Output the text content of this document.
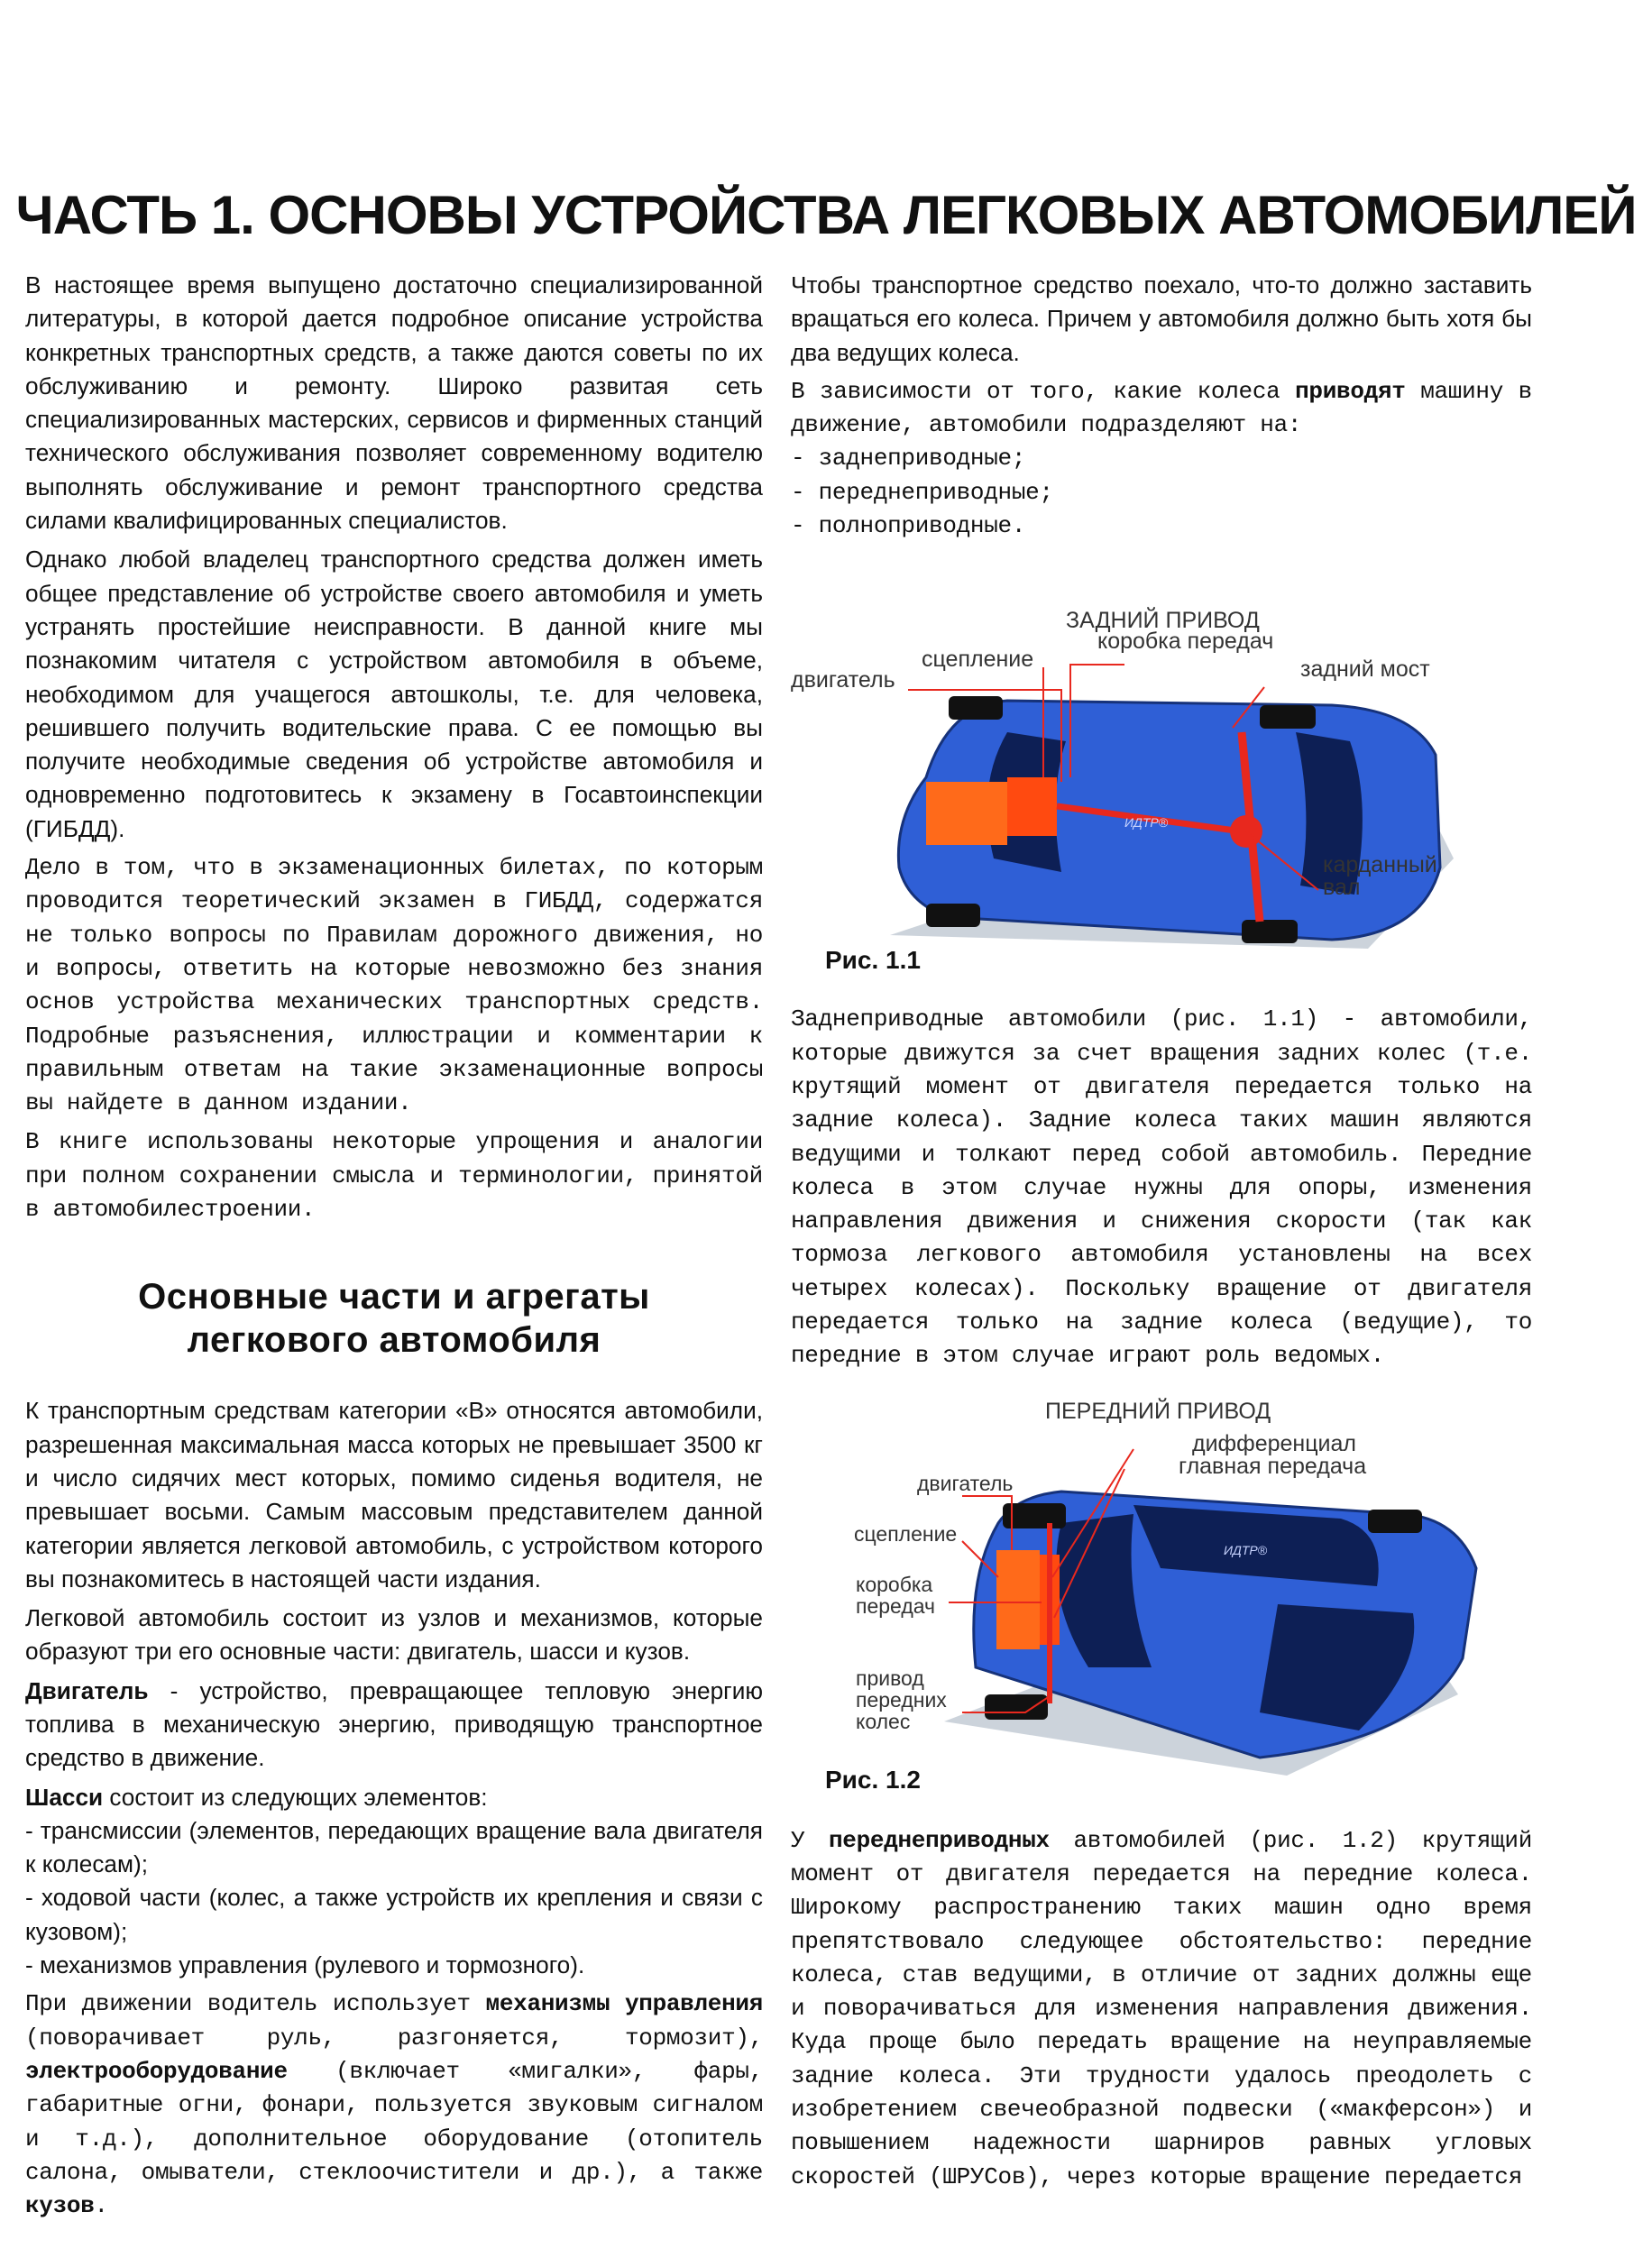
ЧАСТЬ 1. ОСНОВЫ УСТРОЙСТВА ЛЕГКОВЫХ АВТОМОБИЛЕЙ

В настоящее время выпущено достаточно специализированной литературы, в которой дается подробное описание устройства конкретных транспортных средств, а также даются советы по их обслуживанию и ремонту. Широко развитая сеть специализированных мастерских, сервисов и фирменных станций технического обслуживания позволяет современному водителю выполнять обслуживание и ремонт транспортного средства силами квалифицированных специалистов.

Однако любой владелец транспортного средства должен иметь общее представление об устройстве своего автомобиля и уметь устранять простейшие неисправности. В данной книге мы познакомим читателя с устройством автомобиля в объеме, необходимом для учащегося автошколы, т.е. для человека, решившего получить водительские права. С ее помощью вы получите необходимые сведения об устройстве автомобиля и одновременно подготовитесь к экзамену в Госавтоинспекции (ГИБДД).

Дело в том, что в экзаменационных билетах, по которым проводится теоретический экзамен в ГИБДД, содержатся не только вопросы по Правилам дорожного движения, но и вопросы, ответить на которые невозможно без знания основ устройства механических транспортных средств. Подробные разъяснения, иллюстрации и комментарии к правильным ответам на такие экзаменационные вопросы вы найдете в данном издании.

В книге использованы некоторые упрощения и аналогии при полном сохранении смысла и терминологии, принятой в автомобилестроении.

Основные части и агрегаты
легкового автомобиля

К транспортным средствам категории «В» относятся автомобили, разрешенная максимальная масса которых не превышает 3500 кг и число сидячих мест которых, помимо сиденья водителя, не превышает восьми. Самым массовым представителем данной категории является легковой автомобиль, с устройством которого вы познакомитесь в настоящей части издания.

Легковой автомобиль состоит из узлов и механизмов, которые образуют три его основные части: двигатель, шасси и кузов.

Двигатель - устройство, превращающее тепловую энергию топлива в механическую энергию, приводящую транспортное средство в движение.

Шасси состоит из следующих элементов:

- трансмиссии (элементов, передающих вращение вала двигателя к колесам);

- ходовой части (колес, а также устройств их крепления и связи с кузовом);

- механизмов управления (рулевого и тормозного).

При движении водитель использует механизмы управления (поворачивает руль, разгоняется, тормозит), электрооборудование (включает «мигалки», фары, габаритные огни, фонари, пользуется звуковым сигналом и т.д.), дополнительное оборудование (отопитель салона, омыватели, стеклоочистители и др.), а также кузов.

Чтобы транспортное средство поехало, что-то должно заставить вращаться его колеса. Причем у автомобиля должно быть хотя бы два ведущих колеса.

В зависимости от того, какие колеса приводят машину в движение, автомобили подразделяют на:

- заднеприводные;

- переднеприводные;

- полноприводные.

ЗАДНИЙ ПРИВОД
ИДТР®
двигатель
сцепление
коробка передач
задний мост
карданный
вал
Рис. 1.1

Заднеприводные автомобили (рис. 1.1) - автомобили, которые движутся за счет вращения задних колес (т.е. крутящий момент от двигателя передается только на задние колеса). Задние колеса таких машин являются ведущими и толкают перед собой автомобиль. Передние колеса в этом случае нужны для опоры, изменения направления движения и снижения скорости (так как тормоза легкового автомобиля установлены на всех четырех колесах). Поскольку вращение от двигателя передается только на задние колеса (ведущие), то передние в этом случае играют роль ведомых.

ПЕРЕДНИЙ ПРИВОД
ИДТР®
дифференциал
главная передача
двигатель
сцепление
коробка
передач
привод
передних
колес
Рис. 1.2

У переднеприводных автомобилей (рис. 1.2) крутящий момент от двигателя передается на передние колеса. Широкому распространению таких машин одно время препятствовало следующее обстоятельство: передние колеса, став ведущими, в отличие от задних должны еще и поворачиваться для изменения направления движения. Куда проще было передать вращение на неуправляемые задние колеса. Эти трудности удалось преодолеть с изобретением свечеобразной подвески («макферсон») и повышением надежности шарниров равных угловых скоростей (ШРУСов), через которые вращение передается
